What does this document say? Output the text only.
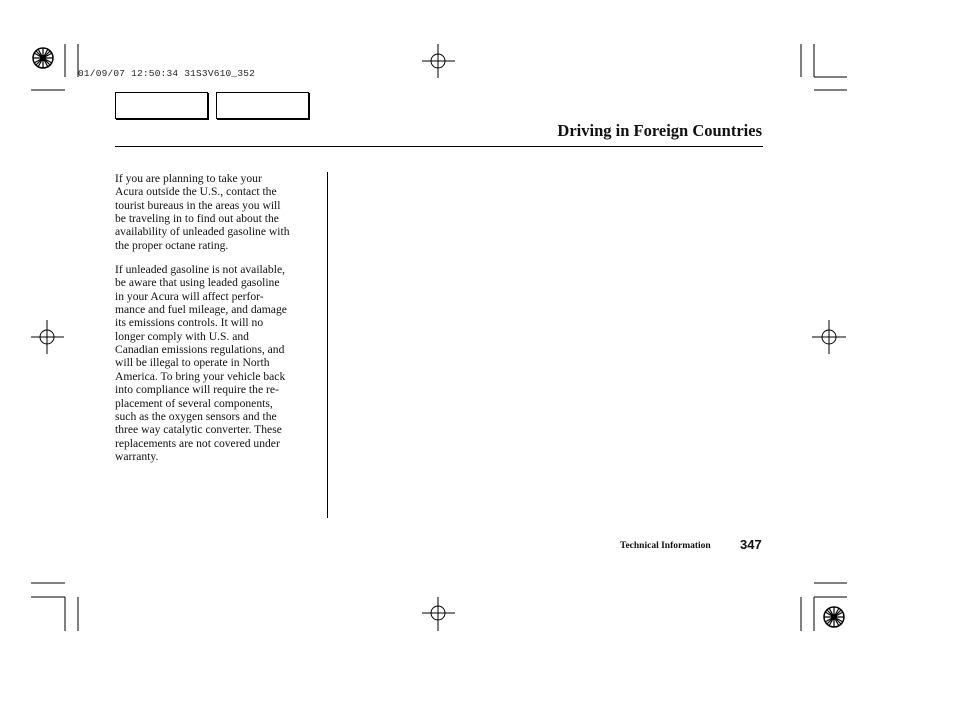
01/09/07 12:50:34 31S3V610_352
Driving in Foreign Countries

If you are planning to take your
Acura outside the U.S., contact the
tourist bureaus in the areas you will
be traveling in to find out about the
availability of unleaded gasoline with
the proper octane rating.

If unleaded gasoline is not available,
be aware that using leaded gasoline
in your Acura will affect perfor-
mance and fuel mileage, and damage
its emissions controls. It will no
longer comply with U.S. and
Canadian emissions regulations, and
will be illegal to operate in North
America. To bring your vehicle back
into compliance will require the re-
placement of several components,
such as the oxygen sensors and the
three way catalytic converter. These
replacements are not covered under
warranty.

Technical Information 347
